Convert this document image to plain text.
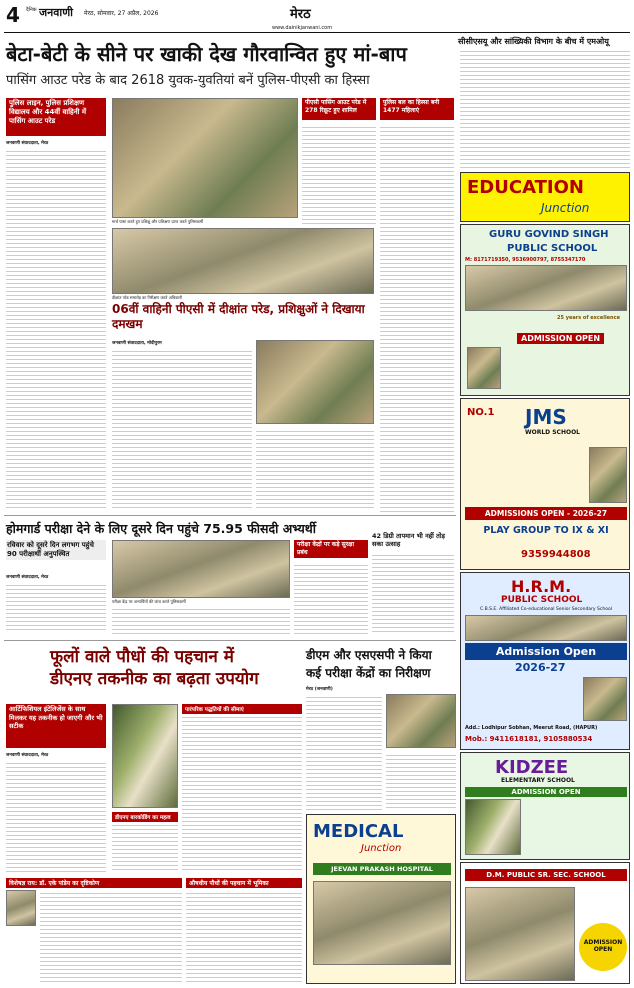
4 दैनिक जनवाणी मेरठ, सोमवार, 27 अप्रैल, 2026	मेरठ
www.dainikjanwani.com
सीसीएसयू और सांख्यिकी विभाग के बीच में एमओयू
बेटा-बेटी के सीने पर खाकी देख गौरवान्वित हुए मां-बाप
पासिंग आउट परेड के बाद 2618 युवक-युवतियां बनें पुलिस-पीएसी का हिस्सा
पुलिस लाइन, पुलिस प्रशिक्षण विद्यालय और 44वीं वाहिनी में पासिंग आउट परेड
जनवाणी संवाददाता, मेरठ
मार्च पास्ट करते हुए प्रशिक्षु और प्रशिक्षण प्राप्त करते पुलिसकर्मी
दीक्षांत परेड समारोह का निरीक्षण करते अधिकारी
पीएसी पासिंग आउट परेड में 278 रिक्रूट हुए शामिल
पुलिस बल का हिस्सा बनी 1477 महिलाएं
06वीं वाहिनी पीएसी में दीक्षांत परेड, प्रशिक्षुओं ने दिखाया दमखम
जनवाणी संवाददाता, मोदीपुरम
होमगार्ड परीक्षा देने के लिए दूसरे दिन पहुंचे 75.95 फीसदी अभ्यर्थी
रविवार को दूसरे दिन लगभग पहुंचे 90 परीक्षार्थी अनुपस्थित
जनवाणी संवाददाता, मेरठ
परीक्षा केंद्र पर अभ्यर्थियों की जांच करते पुलिसकर्मी
परीक्षा केंद्रों पर कड़े सुरक्षा प्रबंध
42 डिग्री तापमान भी नहीं तोड़ सका उत्साह
फूलों वाले पौधों की पहचान में
डीएनए तकनीक का बढ़ता उपयोग
आर्टिफिशियल इंटेलिजेंस के साथ मिलकर यह तकनीक हो जाएगी और भी सटीक
जनवाणी संवाददाता, मेरठ
डीएनए बारकोडिंग का महत्व
पारंपरिक पद्धतियों की सीमाएं
विशेषज्ञ राय: डॉ. एके पांडेय का दृष्टिकोण	औषधीय पौधों की पहचान में भूमिका
डीएम और एसएसपी ने किया
कई परीक्षा केंद्रों का निरीक्षण
मेरठ (जनवाणी)
MEDICAL
Junction
JEEVAN PRAKASH HOSPITAL
EDUCATION
Junction
GURU GOVIND SINGH
PUBLIC SCHOOL
M: 8171719350, 9536900797, 8755347170
25 years of excellence
ADMISSION OPEN
NO.1 JMS
WORLD SCHOOL
ADMISSIONS OPEN - 2026-27
PLAY GROUP TO IX & XI
9359944808
H.R.M.
PUBLIC SCHOOL
C.B.S.E. Affiliated Co-educational Senior Secondary School
Admission Open
2026-27
Add.: Lodhipur Sobhan, Meerut Road, (HAPUR)
Mob.: 9411618181, 9105880534
KIDZEE
ELEMENTARY SCHOOL
ADMISSION OPEN
D.M. PUBLIC SR. SEC. SCHOOL
ADMISSION OPEN
